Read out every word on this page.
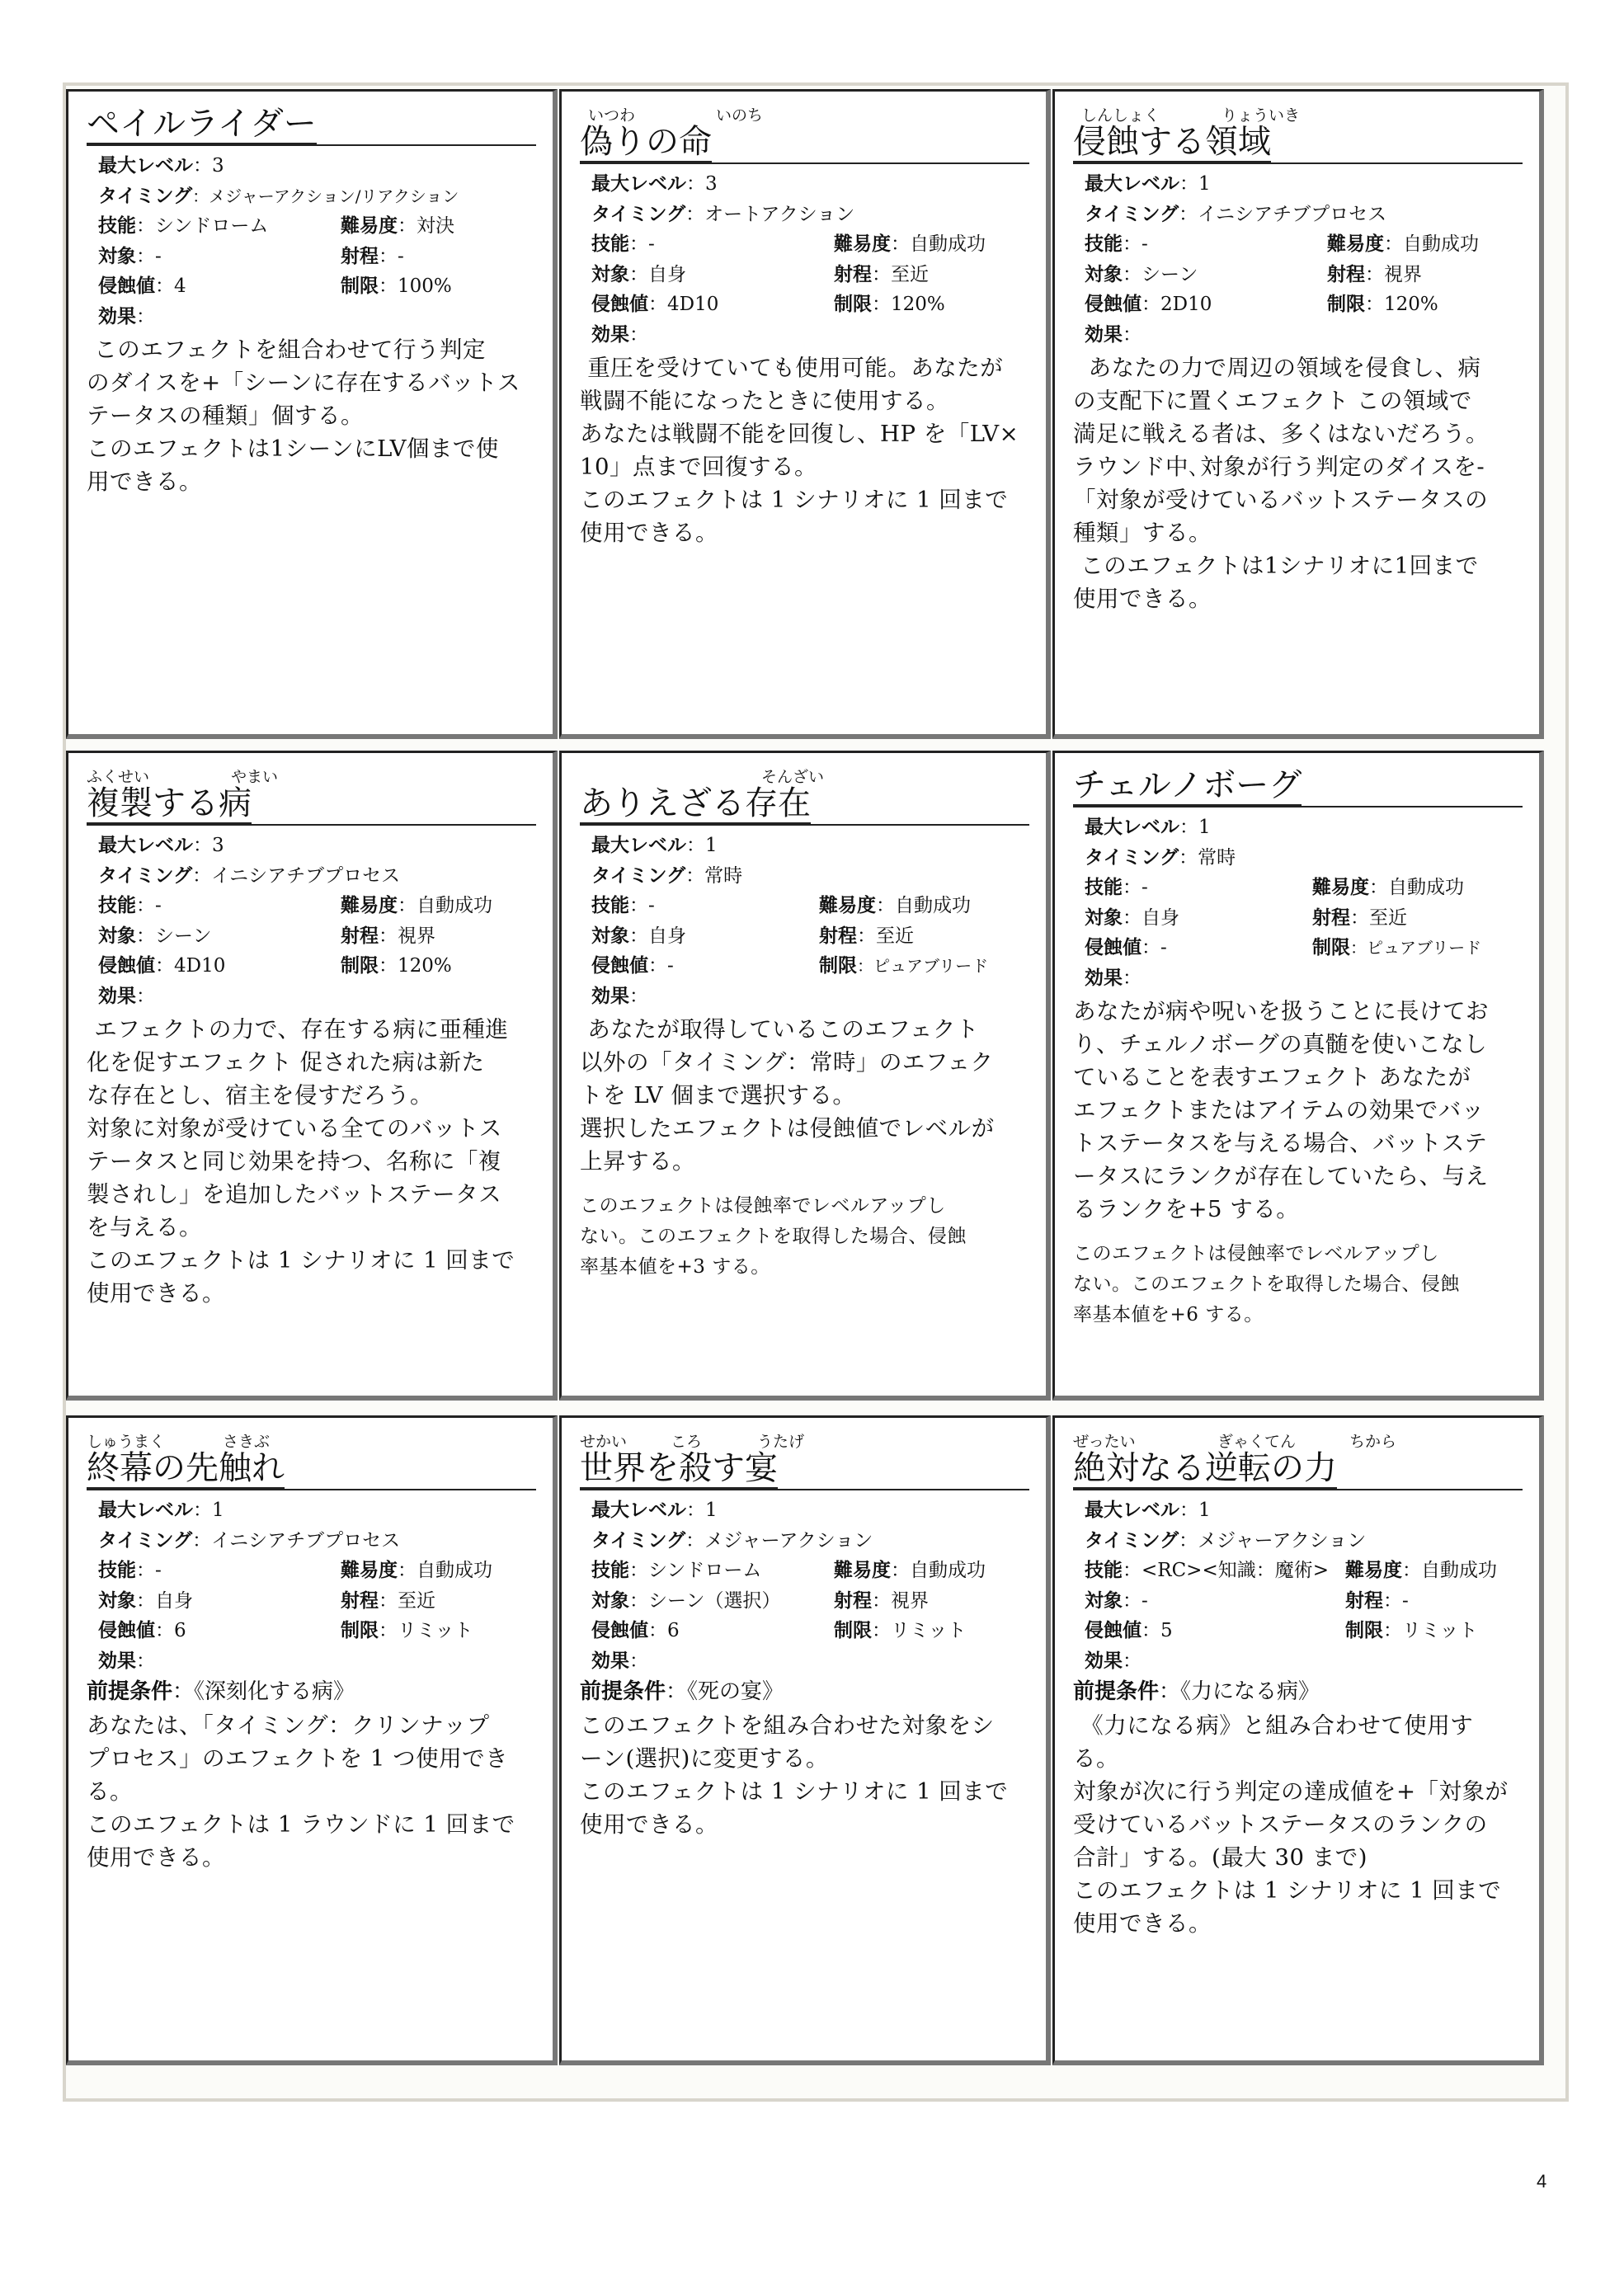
ペイルライダー
最大レベル：3
タイミング：メジャーアクション/リアクション
技能：シンドローム	難易度：対決
対象：-	射程：-
侵蝕値：4	制限：100%
効果：
このエフェクトを組合わせて行う判定
のダイスを+「シーンに存在するバットス
テータスの種類」個する。
このエフェクトは1シーンにLV個まで使
用できる。
いつわ	いのち
偽りの命
最大レベル：3
タイミング：オートアクション
技能：-	難易度：自動成功
対象：自身	射程：至近
侵蝕値：4D10	制限：120%
効果：
重圧を受けていても使用可能。あなたが
戦闘不能になったときに使用する。
あなたは戦闘不能を回復し、HP を「LV×
10」点まで回復する。
このエフェクトは 1 シナリオに 1 回まで
使用できる。
しんしょく	りょういき
侵蝕する領域
最大レベル：1
タイミング：イニシアチブプロセス
技能：-	難易度：自動成功
対象：シーン	射程：視界
侵蝕値：2D10	制限：120%
効果：
あなたの力で周辺の領域を侵食し、病
の支配下に置くエフェクト この領域で
満足に戦える者は、多くはないだろう。
ラウンド中､対象が行う判定のダイスを-
「対象が受けているバットステータスの
種類」する。
このエフェクトは1シナリオに1回まで
使用できる。
ふくせい	やまい
複製する病
最大レベル：3
タイミング：イニシアチブプロセス
技能：-	難易度：自動成功
対象：シーン	射程：視界
侵蝕値：4D10	制限：120%
効果：
エフェクトの力で、存在する病に亜種進
化を促すエフェクト 促された病は新た
な存在とし、宿主を侵すだろう。
対象に対象が受けている全てのバットス
テータスと同じ効果を持つ、名称に「複
製されし」を追加したバットステータス
を与える。
このエフェクトは 1 シナリオに 1 回まで
使用できる。
そんざい
ありえざる存在
最大レベル：1
タイミング：常時
技能：-	難易度：自動成功
対象：自身	射程：至近
侵蝕値：-	制限：ピュアブリード
効果：
あなたが取得しているこのエフェクト
以外の「タイミング：常時」のエフェク
トを LV 個まで選択する。
選択したエフェクトは侵蝕値でレベルが
上昇する。
このエフェクトは侵蝕率でレベルアップし
ない。このエフェクトを取得した場合、侵蝕
率基本値を+3 する。
チェルノボーグ
最大レベル：1
タイミング：常時
技能：-	難易度：自動成功
対象：自身	射程：至近
侵蝕値：-	制限：ピュアブリード
効果：
あなたが病や呪いを扱うことに長けてお
り、チェルノボーグの真髄を使いこなし
ていることを表すエフェクト あなたが
エフェクトまたはアイテムの効果でバッ
トステータスを与える場合、バットステ
ータスにランクが存在していたら、与え
るランクを+5 する。
このエフェクトは侵蝕率でレベルアップし
ない。このエフェクトを取得した場合、侵蝕
率基本値を+6 する。
しゅうまく	さきぶ
終幕の先触れ
最大レベル：1
タイミング：イニシアチブプロセス
技能：-	難易度：自動成功
対象：自身	射程：至近
侵蝕値：6	制限：リミット
効果：
前提条件：《深刻化する病》
あなたは、「タイミング：クリンナップ
プロセス」のエフェクトを 1 つ使用でき
る。
このエフェクトは 1 ラウンドに 1 回まで
使用できる。
せかい	ころ	うたげ
世界を殺す宴
最大レベル：1
タイミング：メジャーアクション
技能：シンドローム	難易度：自動成功
対象：シーン（選択）	射程：視界
侵蝕値：6	制限：リミット
効果：
前提条件：《死の宴》
このエフェクトを組み合わせた対象をシ
ーン(選択)に変更する。
このエフェクトは 1 シナリオに 1 回まで
使用できる。
ぜったい	ぎゃくてん	ちから
絶対なる逆転の力
最大レベル：1
タイミング：メジャーアクション
技能：<RC><知識：魔術> 難易度：自動成功
対象：-	射程：-
侵蝕値：5	制限：リミット
効果：
前提条件：《力になる病》
《力になる病》と組み合わせて使用す
る。
対象が次に行う判定の達成値を+「対象が
受けているバットステータスのランクの
合計」する。(最大 30 まで)
このエフェクトは 1 シナリオに 1 回まで
使用できる。
4
